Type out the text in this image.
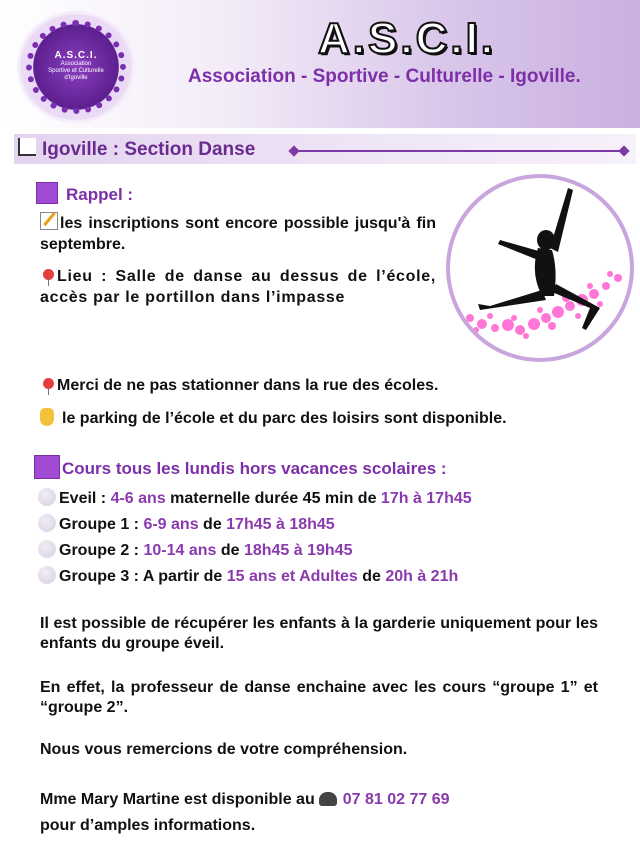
A.S.C.I.
Association
Sportive et Culturelle
d'Igoville
A.S.C.I.
Association - Sportive - Culturelle - Igoville.
Igoville : Section Danse
Rappel :
les inscriptions sont encore possible jusqu'à fin septembre.
Lieu : Salle de danse au dessus de l’école, accès par le portillon dans l’impasse
Merci de ne pas stationner dans la rue des écoles.
le parking de l’école et du parc des loisirs sont disponible.
Cours tous les lundis hors vacances scolaires :
Eveil : 4-6 ans maternelle durée 45 min de 17h à 17h45
Groupe 1 : 6-9 ans de 17h45 à 18h45
Groupe 2 : 10-14 ans de 18h45 à 19h45
Groupe 3 : A partir de 15 ans et Adultes de 20h à 21h
Il est possible de récupérer les enfants à la garderie uniquement pour les enfants du groupe éveil.
En effet, la professeur de danse enchaine avec les cours “groupe 1” et “groupe 2”.
Nous vous remercions de votre compréhension.
Mme Mary Martine est disponible au 07 81 02 77 69
pour d’amples informations.
